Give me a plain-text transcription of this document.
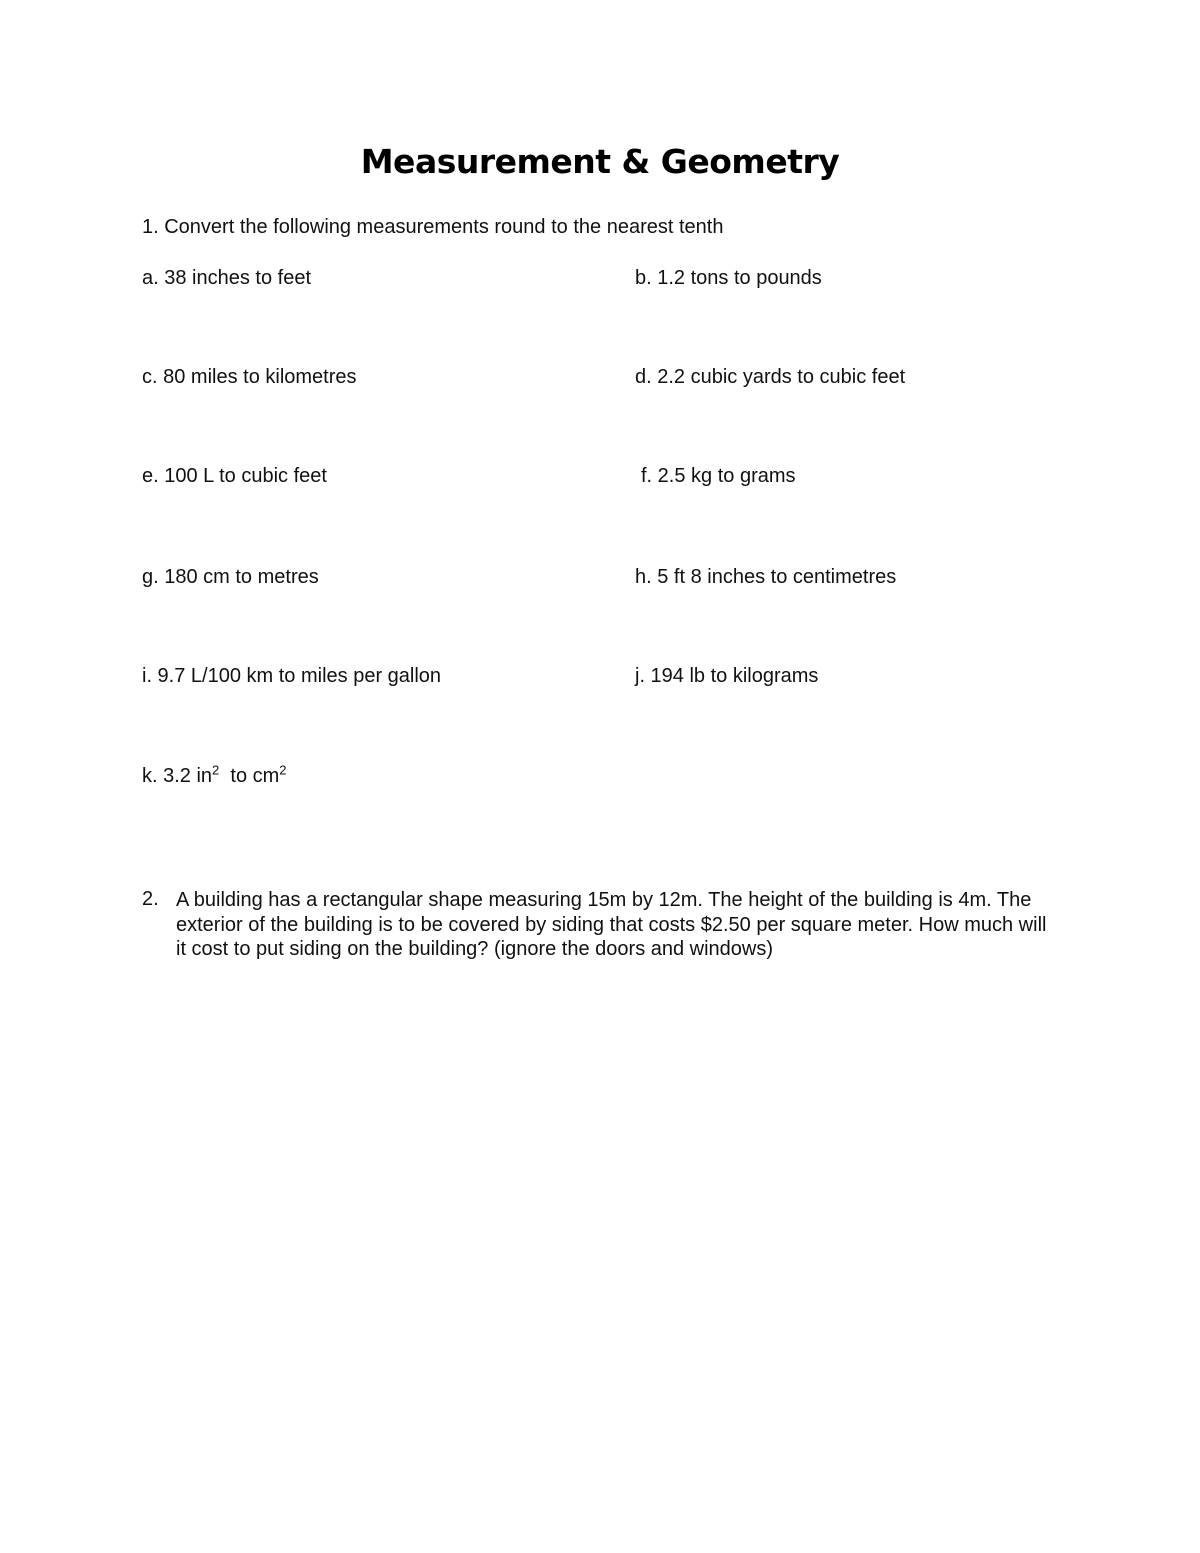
Measurement & Geometry
1. Convert the following measurements round to the nearest tenth
a. 38 inches to feet	b. 1.2 tons to pounds
c. 80 miles to kilometres	d. 2.2 cubic yards to cubic feet
e. 100 L to cubic feet	f. 2.5 kg to grams
g. 180 cm to metres	h. 5 ft 8 inches to centimetres
i. 9.7 L/100 km to miles per gallon	j. 194 lb to kilograms
k. 3.2 $in^2$  to $cm^2$
2. A building has a rectangular shape measuring 15m by 12m. The height of the building is 4m. The exterior of the building is to be covered by siding that costs $2.50 per square meter. How much will it cost to put siding on the building? (ignore the doors and windows)
